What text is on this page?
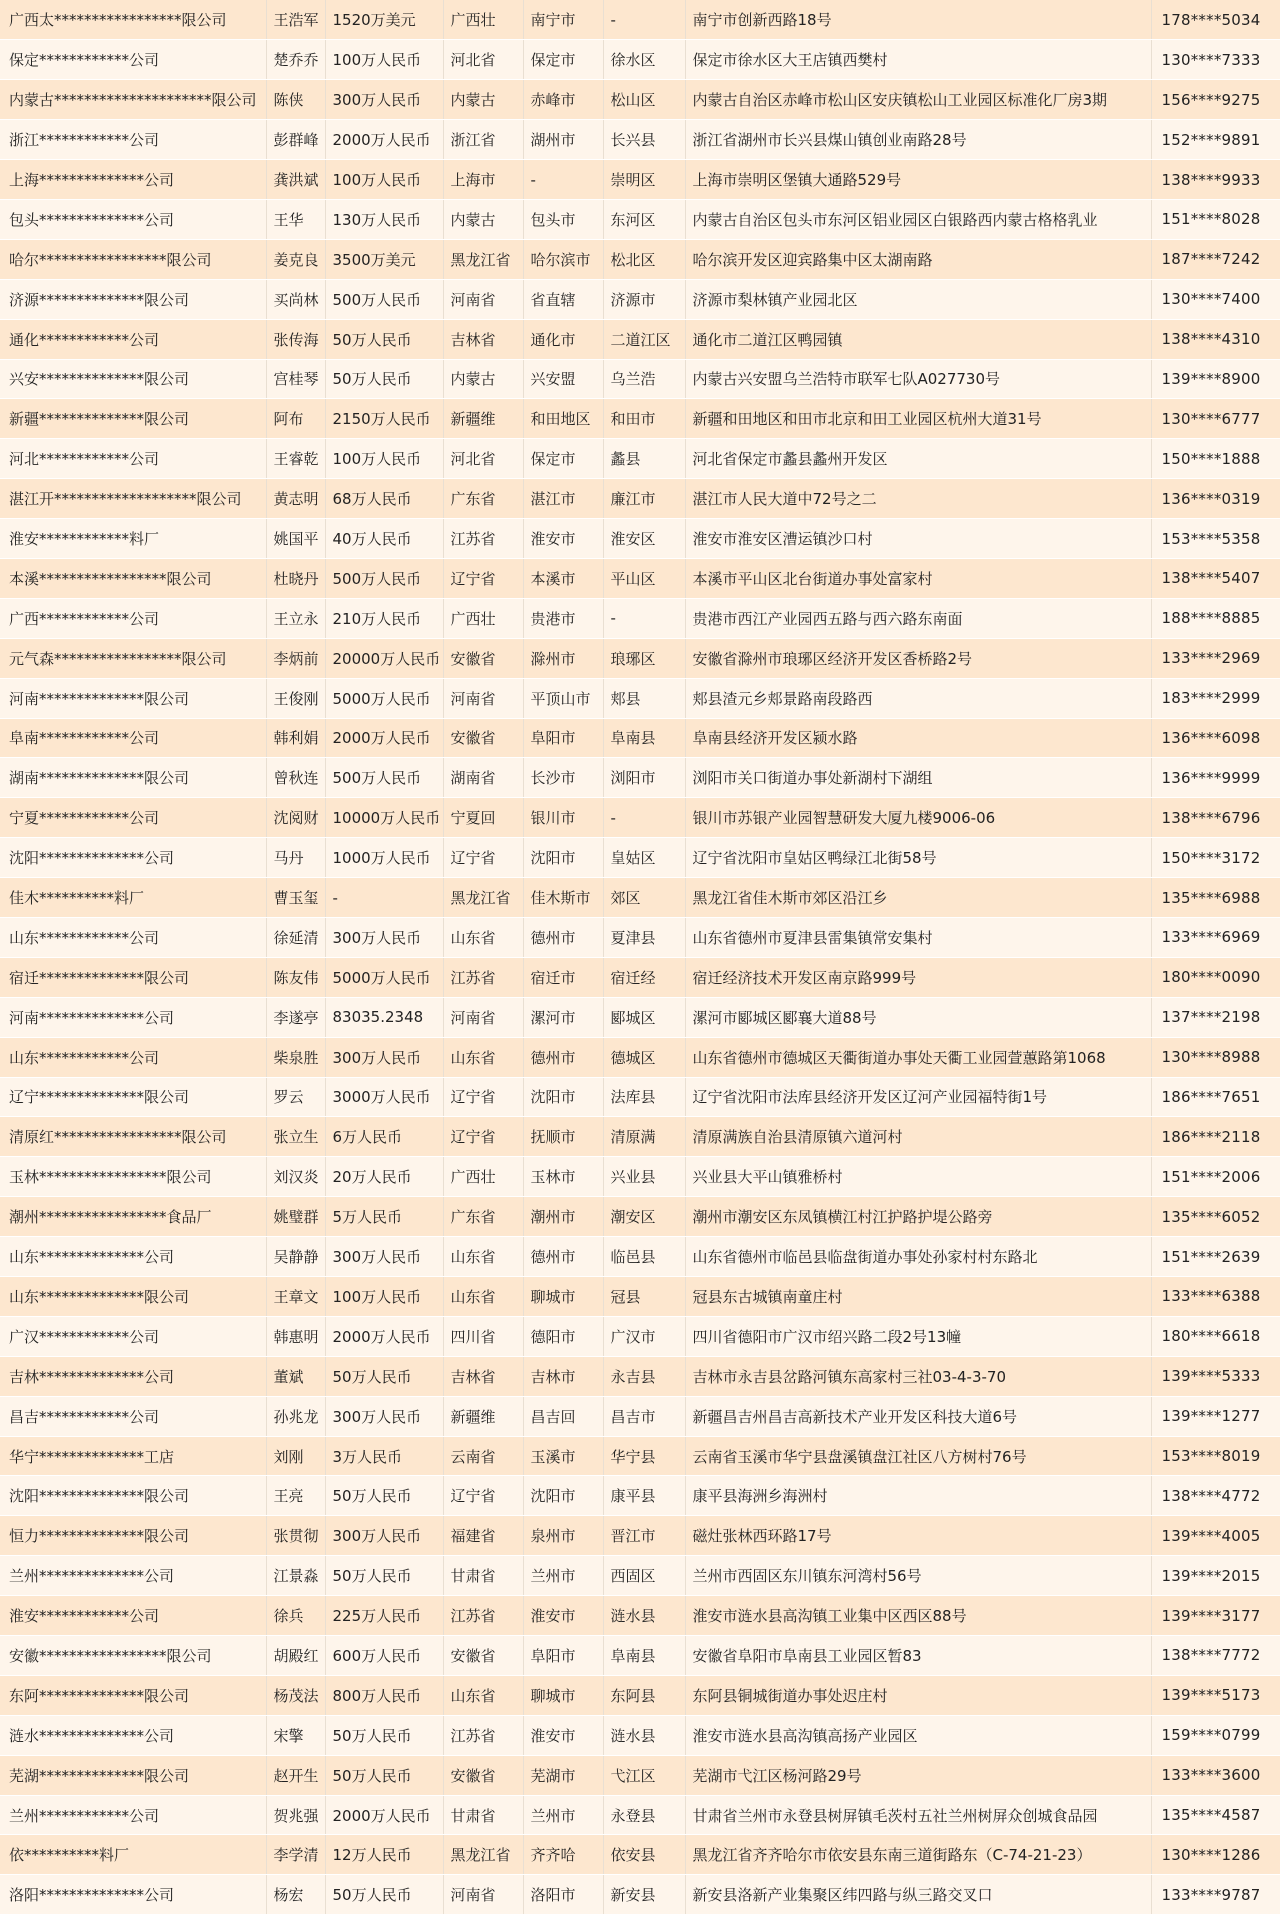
广西太*****************限公司	王浩军	1520万美元	广西壮	南宁市	-	南宁市创新西路18号	178****5034
保定************公司	楚乔乔	100万人民币	河北省	保定市	徐水区	保定市徐水区大王店镇西樊村	130****7333
内蒙古*********************限公司	陈侠	300万人民币	内蒙古	赤峰市	松山区	内蒙古自治区赤峰市松山区安庆镇松山工业园区标准化厂房3期	156****9275
浙江************公司	彭群峰	2000万人民币	浙江省	湖州市	长兴县	浙江省湖州市长兴县煤山镇创业南路28号	152****9891
上海**************公司	龚洪斌	100万人民币	上海市	-	崇明区	上海市崇明区堡镇大通路529号	138****9933
包头**************公司	王华	130万人民币	内蒙古	包头市	东河区	内蒙古自治区包头市东河区铝业园区白银路西内蒙古格格乳业	151****8028
哈尔*****************限公司	姜克良	3500万美元	黑龙江省	哈尔滨市	松北区	哈尔滨开发区迎宾路集中区太湖南路	187****7242
济源**************限公司	买尚林	500万人民币	河南省	省直辖	济源市	济源市梨林镇产业园北区	130****7400
通化************公司	张传海	50万人民币	吉林省	通化市	二道江区	通化市二道江区鸭园镇	138****4310
兴安**************限公司	宫桂琴	50万人民币	内蒙古	兴安盟	乌兰浩	内蒙古兴安盟乌兰浩特市联军七队A027730号	139****8900
新疆**************限公司	阿布	2150万人民币	新疆维	和田地区	和田市	新疆和田地区和田市北京和田工业园区杭州大道31号	130****6777
河北************公司	王睿乾	100万人民币	河北省	保定市	蠡县	河北省保定市蠡县蠡州开发区	150****1888
湛江开*******************限公司	黄志明	68万人民币	广东省	湛江市	廉江市	湛江市人民大道中72号之二	136****0319
淮安************料厂	姚国平	40万人民币	江苏省	淮安市	淮安区	淮安市淮安区漕运镇沙口村	153****5358
本溪*****************限公司	杜晓丹	500万人民币	辽宁省	本溪市	平山区	本溪市平山区北台街道办事处富家村	138****5407
广西************公司	王立永	210万人民币	广西壮	贵港市	-	贵港市西江产业园西五路与西六路东南面	188****8885
元气森*****************限公司	李炳前	20000万人民币	安徽省	滁州市	琅琊区	安徽省滁州市琅琊区经济开发区香桥路2号	133****2969
河南**************限公司	王俊刚	5000万人民币	河南省	平顶山市	郏县	郏县渣元乡郏景路南段路西	183****2999
阜南************公司	韩利娟	2000万人民币	安徽省	阜阳市	阜南县	阜南县经济开发区颍水路	136****6098
湖南**************限公司	曾秋连	500万人民币	湖南省	长沙市	浏阳市	浏阳市关口街道办事处新湖村下湖组	136****9999
宁夏************公司	沈阅财	10000万人民币	宁夏回	银川市	-	银川市苏银产业园智慧研发大厦九楼9006-06	138****6796
沈阳**************公司	马丹	1000万人民币	辽宁省	沈阳市	皇姑区	辽宁省沈阳市皇姑区鸭绿江北街58号	150****3172
佳木**********料厂	曹玉玺	-	黑龙江省	佳木斯市	郊区	黑龙江省佳木斯市郊区沿江乡	135****6988
山东************公司	徐延清	300万人民币	山东省	德州市	夏津县	山东省德州市夏津县雷集镇常安集村	133****6969
宿迁**************限公司	陈友伟	5000万人民币	江苏省	宿迁市	宿迁经	宿迁经济技术开发区南京路999号	180****0090
河南**************公司	李遂亭	83035.2348	河南省	漯河市	郾城区	漯河市郾城区郾襄大道88号	137****2198
山东************公司	柴泉胜	300万人民币	山东省	德州市	德城区	山东省德州市德城区天衢街道办事处天衢工业园萱蕙路第1068	130****8988
辽宁**************限公司	罗云	3000万人民币	辽宁省	沈阳市	法库县	辽宁省沈阳市法库县经济开发区辽河产业园福特街1号	186****7651
清原红*****************限公司	张立生	6万人民币	辽宁省	抚顺市	清原满	清原满族自治县清原镇六道河村	186****2118
玉林*****************限公司	刘汉炎	20万人民币	广西壮	玉林市	兴业县	兴业县大平山镇雅桥村	151****2006
潮州*****************食品厂	姚璧群	5万人民币	广东省	潮州市	潮安区	潮州市潮安区东凤镇横江村江护路护堤公路旁	135****6052
山东**************公司	吴静静	300万人民币	山东省	德州市	临邑县	山东省德州市临邑县临盘街道办事处孙家村村东路北	151****2639
山东**************限公司	王章文	100万人民币	山东省	聊城市	冠县	冠县东古城镇南童庄村	133****6388
广汉************公司	韩惠明	2000万人民币	四川省	德阳市	广汉市	四川省德阳市广汉市绍兴路二段2号13幢	180****6618
吉林**************公司	董斌	50万人民币	吉林省	吉林市	永吉县	吉林市永吉县岔路河镇东高家村三社03-4-3-70	139****5333
昌吉************公司	孙兆龙	300万人民币	新疆维	昌吉回	昌吉市	新疆昌吉州昌吉高新技术产业开发区科技大道6号	139****1277
华宁**************工店	刘刚	3万人民币	云南省	玉溪市	华宁县	云南省玉溪市华宁县盘溪镇盘江社区八方树村76号	153****8019
沈阳**************限公司	王亮	50万人民币	辽宁省	沈阳市	康平县	康平县海洲乡海洲村	138****4772
恒力**************限公司	张贯彻	300万人民币	福建省	泉州市	晋江市	磁灶张林西环路17号	139****4005
兰州**************公司	江景淼	50万人民币	甘肃省	兰州市	西固区	兰州市西固区东川镇东河湾村56号	139****2015
淮安************公司	徐兵	225万人民币	江苏省	淮安市	涟水县	淮安市涟水县高沟镇工业集中区西区88号	139****3177
安徽*****************限公司	胡殿红	600万人民币	安徽省	阜阳市	阜南县	安徽省阜阳市阜南县工业园区暂83	138****7772
东阿**************限公司	杨茂法	800万人民币	山东省	聊城市	东阿县	东阿县铜城街道办事处迟庄村	139****5173
涟水**************公司	宋擎	50万人民币	江苏省	淮安市	涟水县	淮安市涟水县高沟镇高扬产业园区	159****0799
芜湖**************限公司	赵开生	50万人民币	安徽省	芜湖市	弋江区	芜湖市弋江区杨河路29号	133****3600
兰州************公司	贺兆强	2000万人民币	甘肃省	兰州市	永登县	甘肃省兰州市永登县树屏镇毛茨村五社兰州树屏众创城食品园	135****4587
依**********料厂	李学清	12万人民币	黑龙江省	齐齐哈	依安县	黑龙江省齐齐哈尔市依安县东南三道街路东（C-74-21-23）	130****1286
洛阳**************公司	杨宏	50万人民币	河南省	洛阳市	新安县	新安县洛新产业集聚区纬四路与纵三路交叉口	133****9787
